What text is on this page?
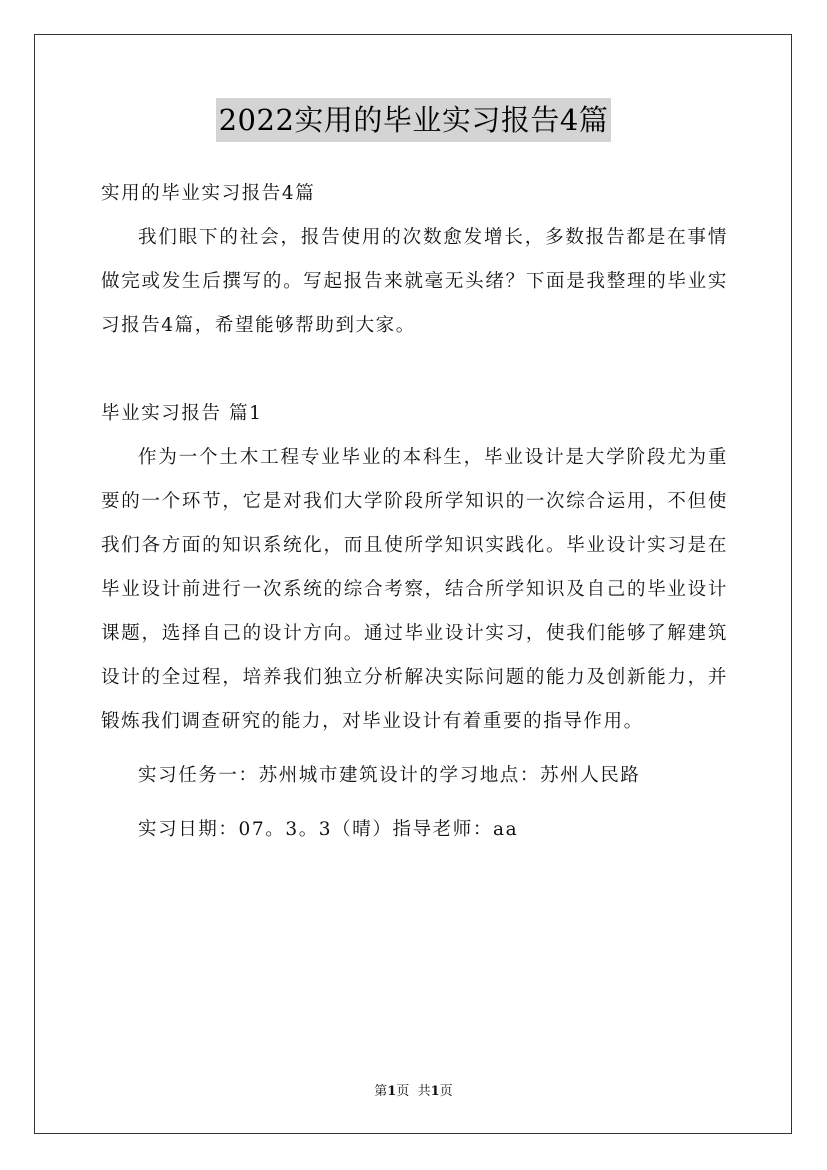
2022实用的毕业实习报告4篇

实用的毕业实习报告4篇

我们眼下的社会，报告使用的次数愈发增长，多数报告都是在事情做完或发生后撰写的。写起报告来就毫无头绪？下面是我整理的毕业实习报告4篇，希望能够帮助到大家。

毕业实习报告 篇1

作为一个土木工程专业毕业的本科生，毕业设计是大学阶段尤为重要的一个环节，它是对我们大学阶段所学知识的一次综合运用，不但使我们各方面的知识系统化，而且使所学知识实践化。毕业设计实习是在毕业设计前进行一次系统的综合考察，结合所学知识及自己的毕业设计课题，选择自己的设计方向。通过毕业设计实习，使我们能够了解建筑设计的全过程，培养我们独立分析解决实际问题的能力及创新能力，并锻炼我们调查研究的能力，对毕业设计有着重要的指导作用。

实习任务一：苏州城市建筑设计的学习地点：苏州人民路

实习日期：07。3。3（晴）指导老师：aa

第1页 共1页
